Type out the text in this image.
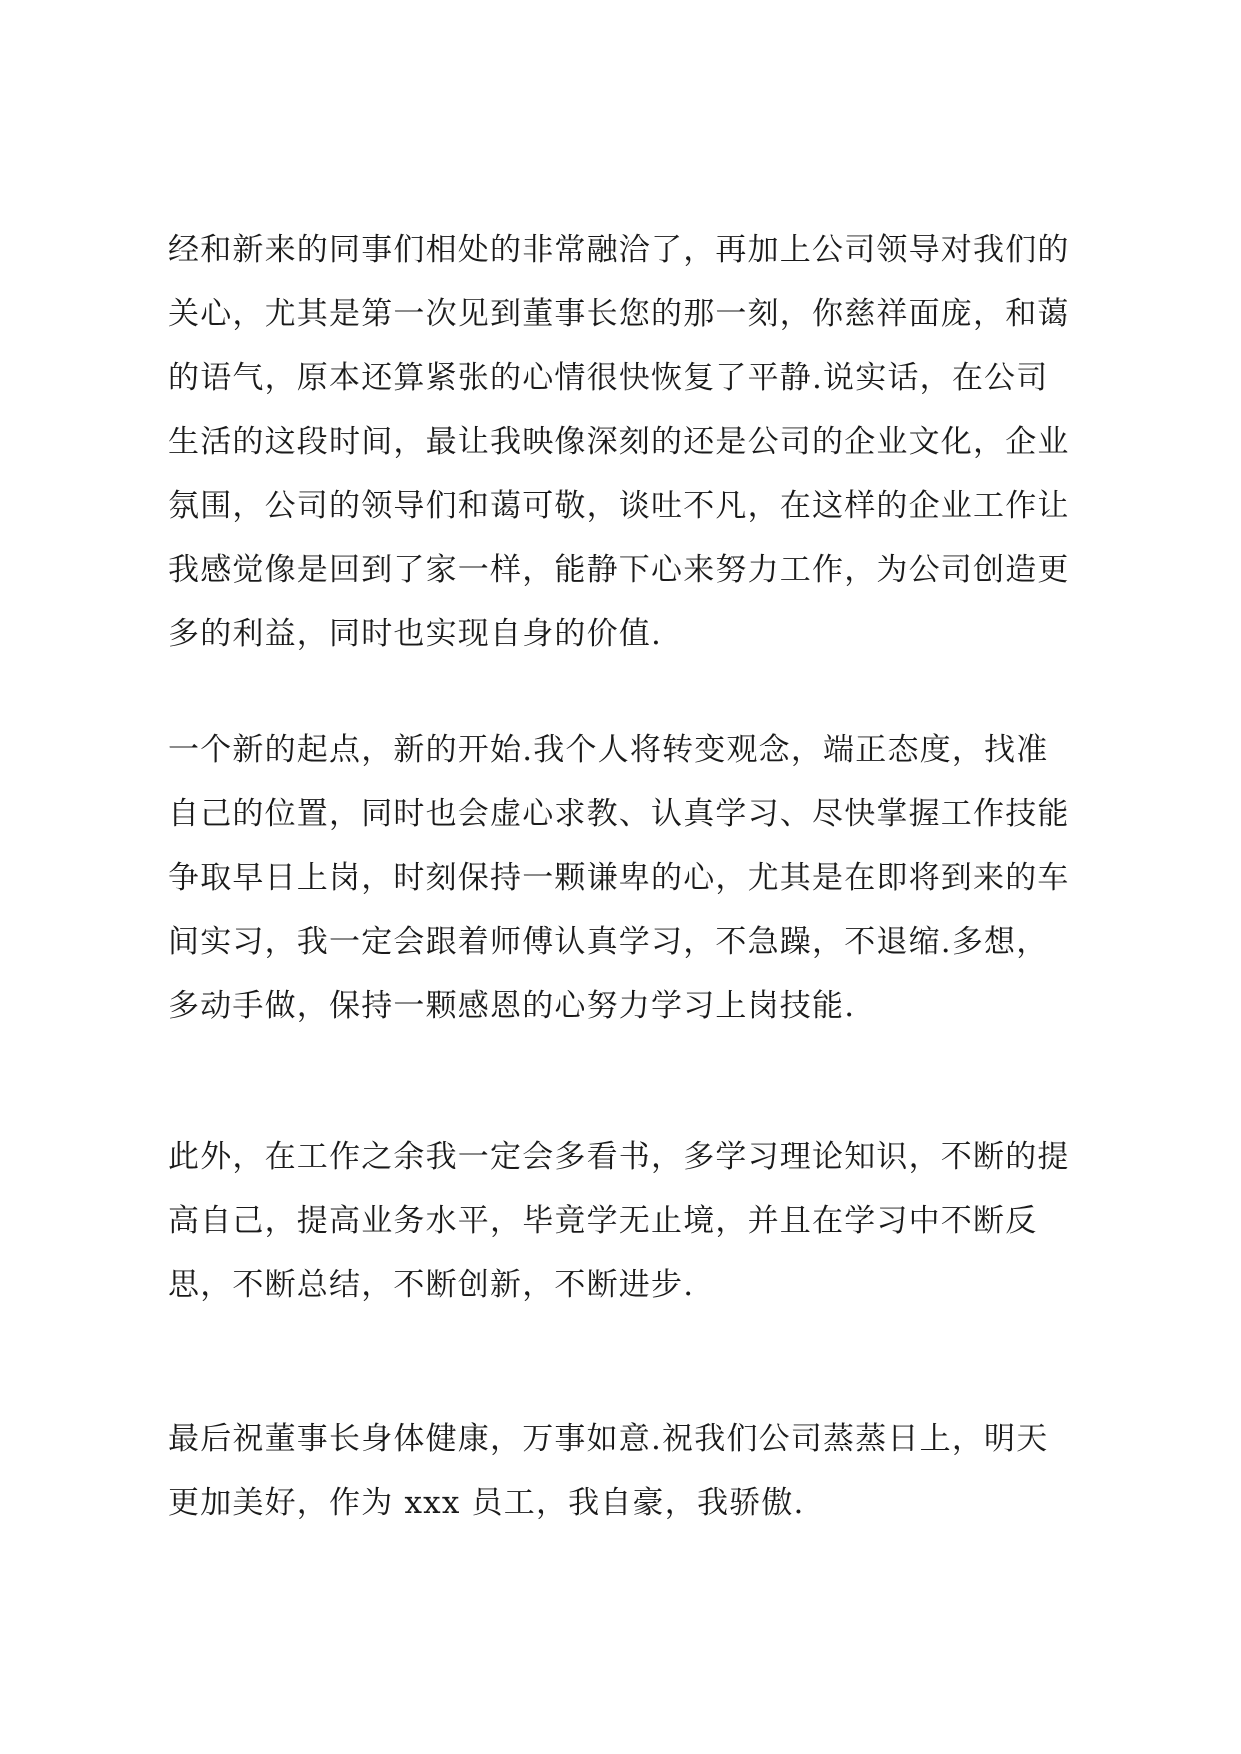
经和新来的同事们相处的非常融洽了，再加上公司领导对我们的
关心，尤其是第一次见到董事长您的那一刻，你慈祥面庞，和蔼
的语气，原本还算紧张的心情很快恢复了平静.说实话，在公司
生活的这段时间，最让我映像深刻的还是公司的企业文化，企业
氛围，公司的领导们和蔼可敬，谈吐不凡，在这样的企业工作让
我感觉像是回到了家一样，能静下心来努力工作，为公司创造更
多的利益，同时也实现自身的价值.
一个新的起点，新的开始.我个人将转变观念，端正态度，找准
自己的位置，同时也会虚心求教、认真学习、尽快掌握工作技能
争取早日上岗，时刻保持一颗谦卑的心，尤其是在即将到来的车
间实习，我一定会跟着师傅认真学习，不急躁，不退缩.多想，
多动手做，保持一颗感恩的心努力学习上岗技能.
此外，在工作之余我一定会多看书，多学习理论知识，不断的提
高自己，提高业务水平，毕竟学无止境，并且在学习中不断反
思，不断总结，不断创新，不断进步.
最后祝董事长身体健康，万事如意.祝我们公司蒸蒸日上，明天
更加美好，作为 xxx 员工，我自豪，我骄傲.
